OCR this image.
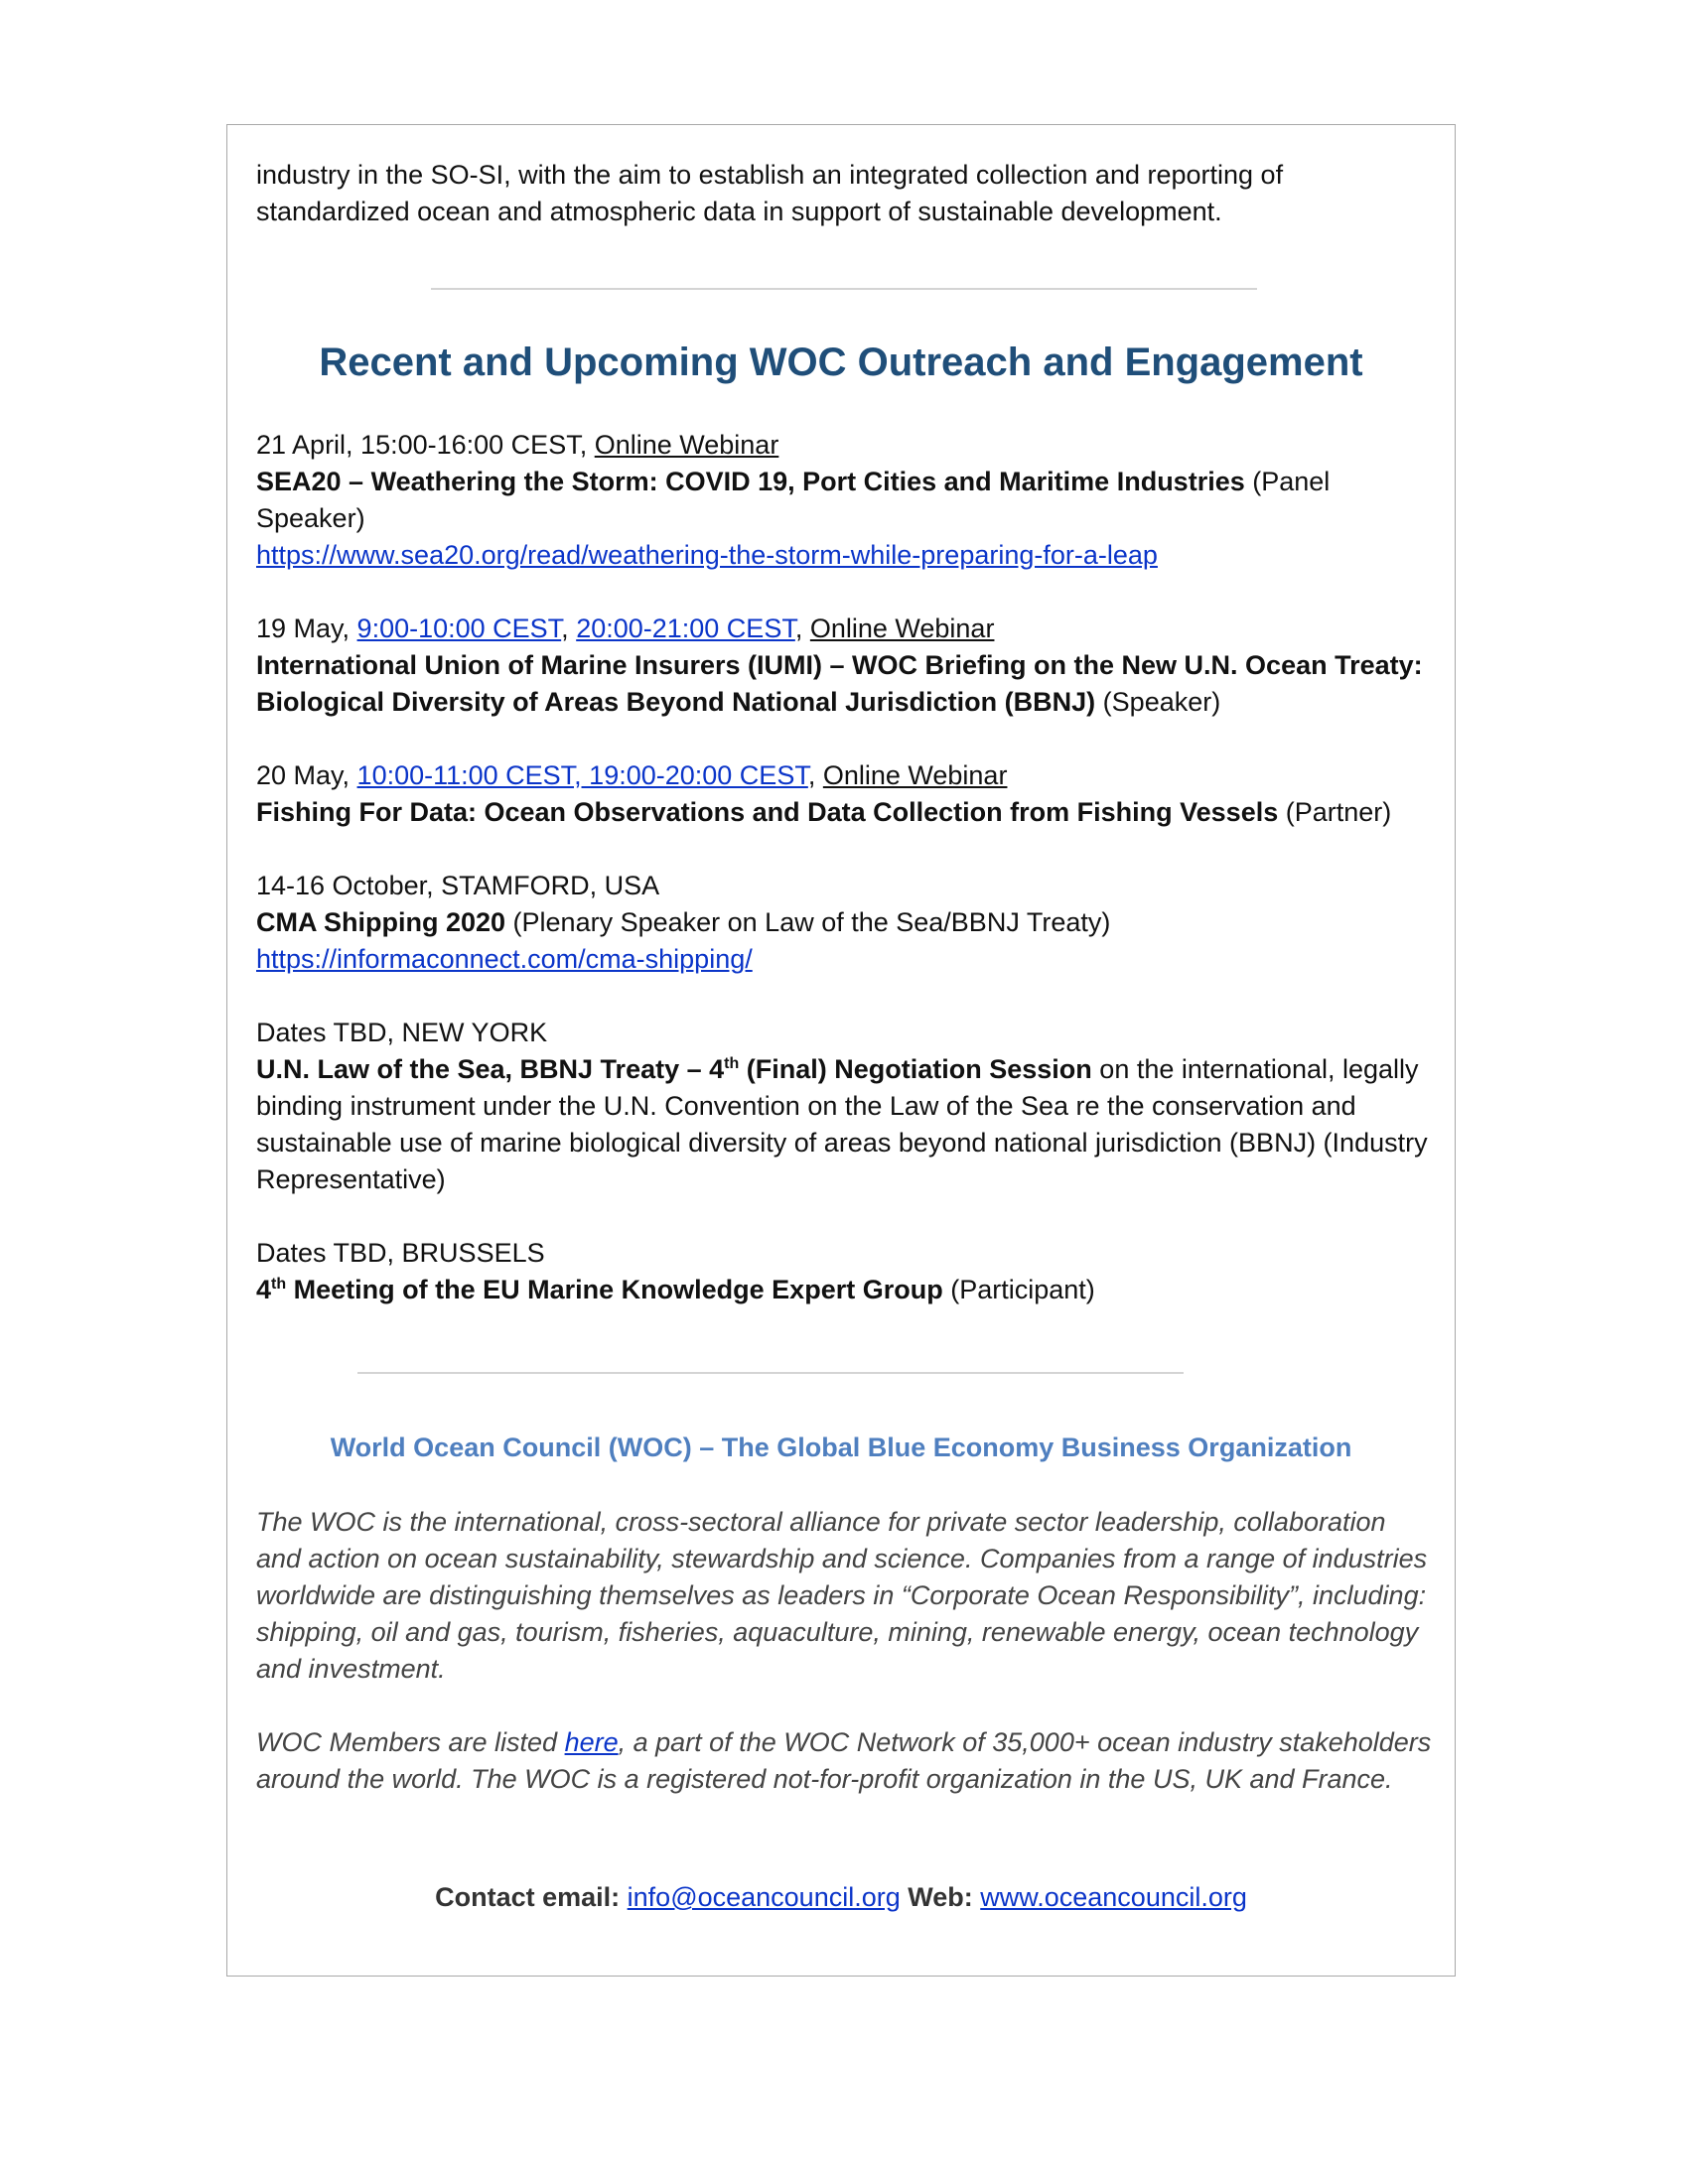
industry in the SO-SI, with the aim to establish an integrated collection and reporting of

standardized ocean and atmospheric data in support of sustainable development.

Recent and Upcoming WOC Outreach and Engagement

21 April, 15:00-16:00 CEST, Online Webinar

SEA20 – Weathering the Storm: COVID 19, Port Cities and Maritime Industries (Panel Speaker)

https://www.sea20.org/read/weathering-the-storm-while-preparing-for-a-leap

19 May, 9:00-10:00 CEST, 20:00-21:00 CEST, Online Webinar

International Union of Marine Insurers (IUMI) – WOC Briefing on the New U.N. Ocean Treaty: Biological Diversity of Areas Beyond National Jurisdiction (BBNJ) (Speaker)

20 May, 10:00-11:00 CEST, 19:00-20:00 CEST, Online Webinar

Fishing For Data: Ocean Observations and Data Collection from Fishing Vessels (Partner)

14-16 October, STAMFORD, USA

CMA Shipping 2020 (Plenary Speaker on Law of the Sea/BBNJ Treaty)

https://informaconnect.com/cma-shipping/

Dates TBD, NEW YORK

U.N. Law of the Sea, BBNJ Treaty – 4th (Final) Negotiation Session on the international, legally binding instrument under the U.N. Convention on the Law of the Sea re the conservation and sustainable use of marine biological diversity of areas beyond national jurisdiction (BBNJ) (Industry Representative)

Dates TBD, BRUSSELS

4th Meeting of the EU Marine Knowledge Expert Group (Participant)

World Ocean Council (WOC) – The Global Blue Economy Business Organization

The WOC is the international, cross-sectoral alliance for private sector leadership, collaboration and action on ocean sustainability, stewardship and science. Companies from a range of industries worldwide are distinguishing themselves as leaders in “Corporate Ocean Responsibility”, including: shipping, oil and gas, tourism, fisheries, aquaculture, mining, renewable energy, ocean technology and investment.

WOC Members are listed here, a part of the WOC Network of 35,000+ ocean industry stakeholders around the world. The WOC is a registered not-for-profit organization in the US, UK and France.

Contact email: info@oceancouncil.org Web: www.oceancouncil.org
